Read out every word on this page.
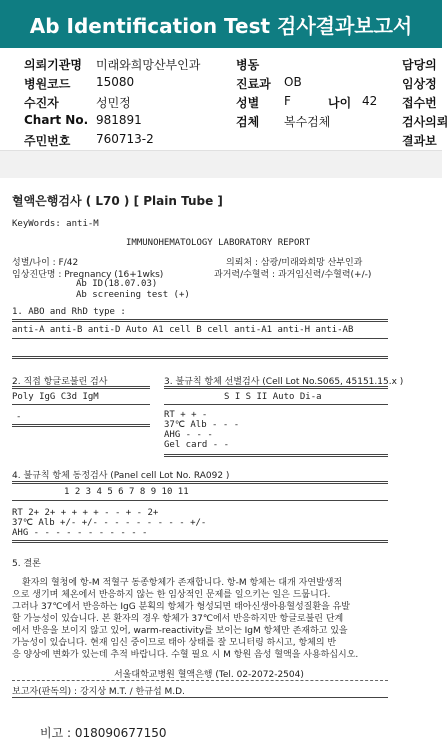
Ab Identification Test 검사결과보고서
의뢰기관명 미래와희망산부인과	병동	담당의
병원코드 15080	진료과 OB	임상정
수진자	성민정	성별 F	나이 42 접수번
Chart No. 981891	검체 복수검체	검사의뢰
주민번호 760713-2	결과보
혈액은행검사 ( L70 ) [ Plain Tube ]
KeyWords: anti-M
IMMUNOHEMATOLOGY LABORATORY REPORT
성별/나이 : F/42
임상진단명 : Pregnancy (16+1wks)
Ab ID(18.07.03)
Ab screening test (+)
의뢰처 : 삼광/미래와희망 산부인과
과거력/수혈력 : 과거임신력/수혈력(+/-)
1. ABO and RhD type :
anti-A anti-B anti-D Auto A1 cell B cell anti-A1 anti-H anti-AB
2. 직접 항글로불린 검사
Poly IgG C3d IgM
-
3. 불규칙 항체 선별검사 (Cell Lot No.S065, 45151.15.x )
S I S II Auto Di-a
RT + + -
37℃ Alb - - -
AHG - - -
Gel card - -
4. 불규칙 항체 동정검사 (Panel cell Lot No. RA092 )
1 2 3 4 5 6 7 8 9 10 11
RT 2+ 2+ + + + + - - + - 2+
37℃ Alb +/- +/- - - - - - - - - +/-
AHG - - - - - - - - - - -
5. 결론
환자의 혈청에 항-M 적혈구 동종항체가 존재합니다. 항-M 항체는 대개 자연발생적
으로 생기며 체온에서 반응하지 않는 한 임상적인 문제를 일으키는 일은 드뭅니다.
그러나 37℃에서 반응하는 IgG 분획의 항체가 형성되면 태아신생아용혈성질환을 유발
할 가능성이 있습니다. 본 환자의 경우 항체가 37℃에서 반응하지만 항글로불린 단계
에서 반응을 보이지 않고 있어, warm-reactivity를 보이는 IgM 항체만 존재하고 있을
가능성이 있습니다. 현재 임신 중이므로 태아 상태를 잘 모니터링 하시고, 항체의 반
응 양상에 변화가 있는데 추적 바랍니다. 수혈 필요 시 M 항원 음성 혈액을 사용하십시오.
서울대학교병원 혈액은행 (Tel. 02-2072-2504)
보고자(판독의) : 강지상 M.T. / 한규섭 M.D.
비고 : 018090677150
